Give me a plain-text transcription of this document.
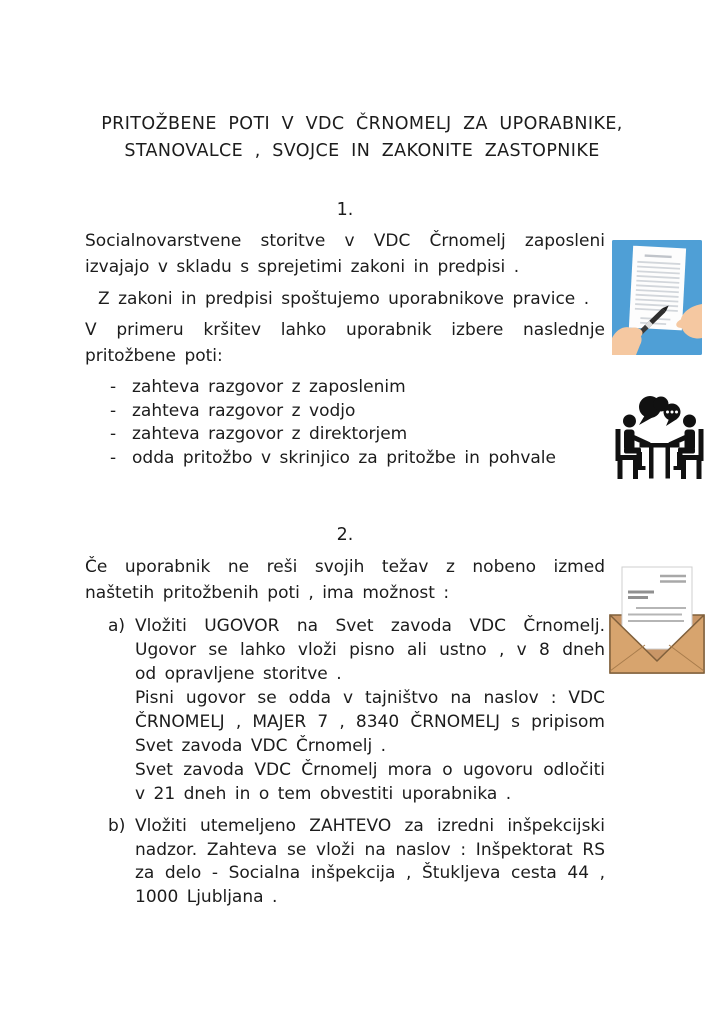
PRITOŽBENE POTI V VDC ČRNOMELJ ZA UPORABNIKE,
STANOVALCE , SVOJCE IN ZAKONITE ZASTOPNIKE
1.
Socialnovarstvene storitve v VDC Črnomelj zaposleni
izvajajo v skladu s sprejetimi zakoni in predpisi .
Z zakoni in predpisi spoštujemo uporabnikove pravice .
V primeru kršitev lahko uporabnik izbere naslednje
pritožbene poti:
- zahteva razgovor z zaposlenim
- zahteva razgovor z vodjo
- zahteva razgovor z direktorjem
- odda pritožbo v skrinjico za pritožbe in pohvale
2.
Če uporabnik ne reši svojih težav z nobeno izmed
naštetih pritožbenih poti , ima možnost :
a) Vložiti UGOVOR na Svet zavoda VDC Črnomelj.
Ugovor se lahko vloži pisno ali ustno , v 8 dneh
od opravljene storitve .
Pisni ugovor se odda v tajništvo na naslov : VDC
ČRNOMELJ , MAJER 7 , 8340 ČRNOMELJ s pripisom
Svet zavoda VDC Črnomelj .
Svet zavoda VDC Črnomelj mora o ugovoru odločiti
v 21 dneh in o tem obvestiti uporabnika .
b) Vložiti utemeljeno ZAHTEVO za izredni inšpekcijski
nadzor. Zahteva se vloži na naslov : Inšpektorat RS
za delo - Socialna inšpekcija , Štukljeva cesta 44 ,
1000 Ljubljana .
